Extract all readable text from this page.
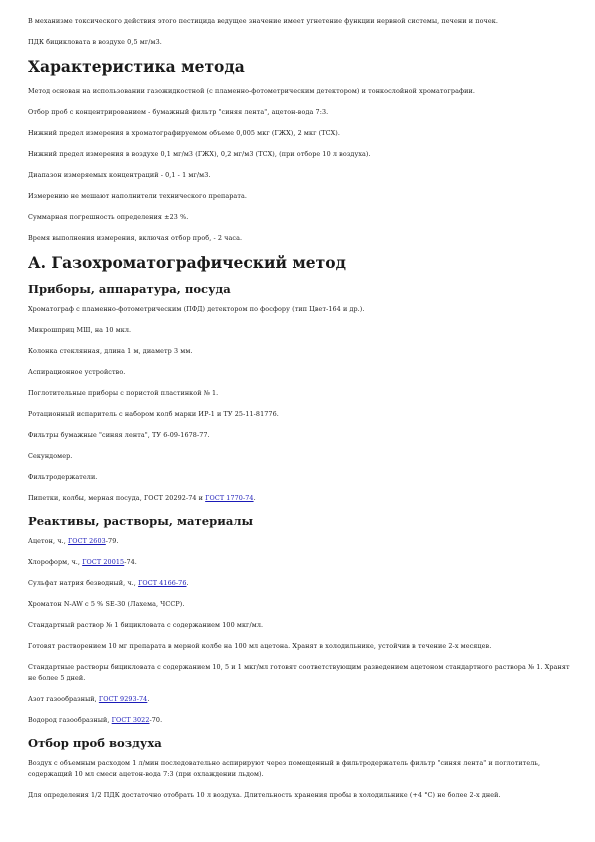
В механизме токсического действия этого пестицида ведущее значение имеет угнетение функции нервной системы, печени и почек.

ПДК бицикловата в воздухе 0,5 мг/м3.

Характеристика метода

Метод основан на использовании газожидкостной (с пламенно-фотометрическим детектором) и тонкослойной хроматографии.

Отбор проб с концентрированием - бумажный фильтр "синяя лента", ацетон-вода 7:3.

Нижний предел измерения в хроматографируемом объеме 0,005 мкг (ГЖХ), 2 мкг (ТСХ).

Нижний предел измерения в воздухе 0,1 мг/м3 (ГЖХ), 0,2 мг/м3 (ТСХ), (при отборе 10 л воздуха).

Диапазон измеряемых концентраций - 0,1 - 1 мг/м3.

Измерению не мешают наполнители технического препарата.

Суммарная погрешность определения ±23 %.

Время выполнения измерения, включая отбор проб, - 2 часа.

А. Газохроматографический метод
Приборы, аппаратура, посуда

Хроматограф с пламенно-фотометрическим (ПФД) детектором по фосфору (тип Цвет-164 и др.).

Микрошприц МШ, на 10 мкл.

Колонка стеклянная, длина 1 м, диаметр 3 мм.

Аспирационное устройство.

Поглотительные приборы с пористой пластинкой № 1.

Ротационный испаритель с набором колб марки ИР-1 и ТУ 25-11-81776.

Фильтры бумажные "синяя лента", ТУ 6-09-1678-77.

Секундомер.

Фильтродержатели.

Пипетки, колбы, мерная посуда, ГОСТ 20292-74 и ГОСТ 1770-74.

Реактивы, растворы, материалы

Ацетон, ч., ГОСТ 2603-79.

Хлороформ, ч., ГОСТ 20015-74.

Сульфат натрия безводный, ч., ГОСТ 4166-76.

Хроматон N-AW с 5 % SE-30 (Лахема, ЧССР).

Стандартный раствор № 1 бицикловата с содержанием 100 мкг/мл.

Готовят растворением 10 мг препарата в мерной колбе на 100 мл ацетона. Хранят в холодильнике, устойчив в течение 2-х месяцев.

Стандартные растворы бицикловата с содержанием 10, 5 и 1 мкг/мл готовят соответствующим разведением ацетоном стандартного раствора № 1. Хранят не более 5 дней.

Азот газообразный, ГОСТ 9293-74.

Водород газообразный, ГОСТ 3022-70.

Отбор проб воздуха

Воздух с объемным расходом 1 л/мин последовательно аспирируют через помещенный в фильтродержатель фильтр "синяя лента" и поглотитель, содержащий 10 мл смеси ацетон-вода 7:3 (при охлаждении льдом).

Для определения 1/2 ПДК достаточно отобрать 10 л воздуха. Длительность хранения пробы в холодильнике (+4 °С) не более 2-х дней.
